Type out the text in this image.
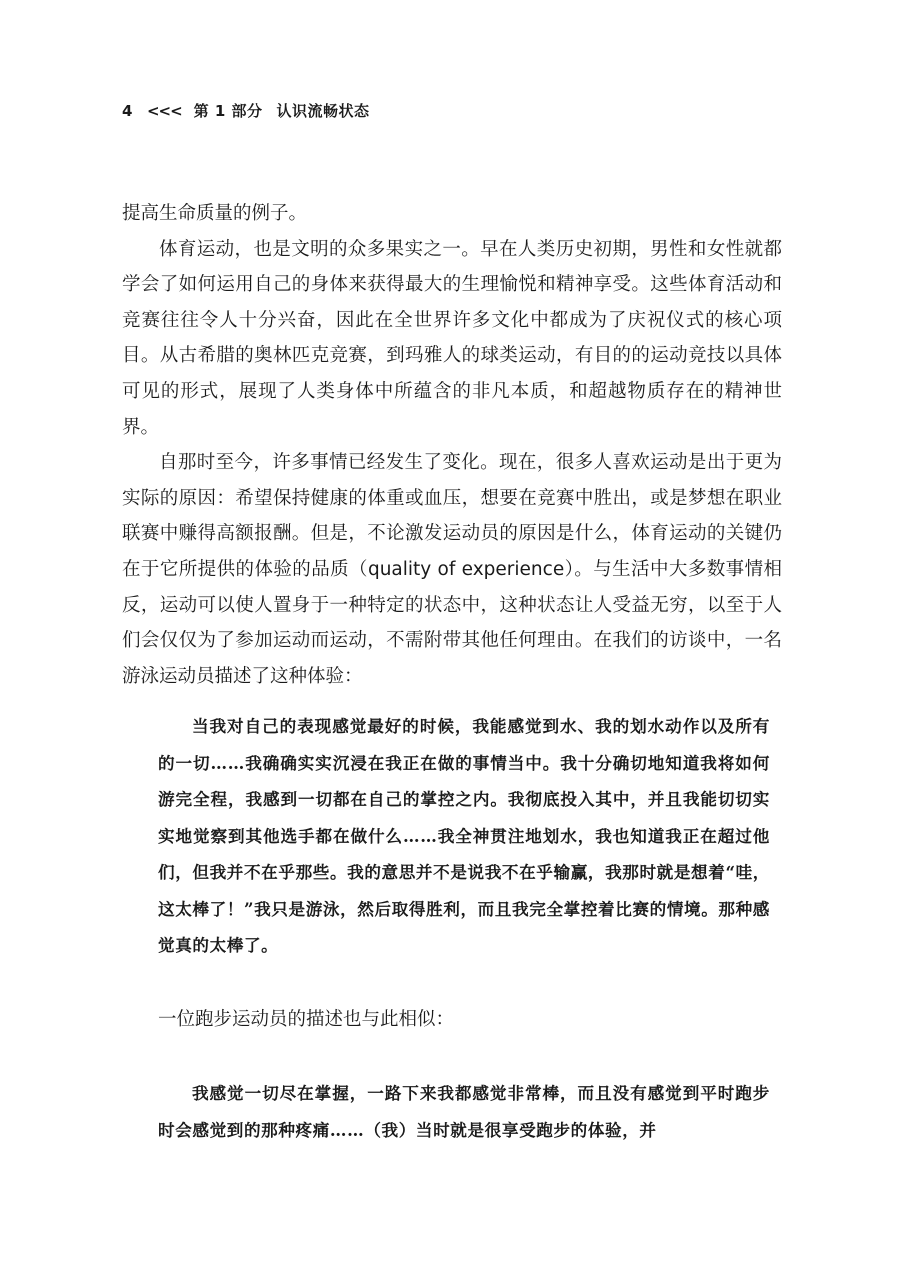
4 <<< 第 1 部分 认识流畅状态

提高生命质量的例子。

体育运动，也是文明的众多果实之一。早在人类历史初期，男性和女性就都学会了如何运用自己的身体来获得最大的生理愉悦和精神享受。这些体育活动和竞赛往往令人十分兴奋，因此在全世界许多文化中都成为了庆祝仪式的核心项目。从古希腊的奥林匹克竞赛，到玛雅人的球类运动，有目的的运动竞技以具体可见的形式，展现了人类身体中所蕴含的非凡本质，和超越物质存在的精神世界。

自那时至今，许多事情已经发生了变化。现在，很多人喜欢运动是出于更为实际的原因：希望保持健康的体重或血压，想要在竞赛中胜出，或是梦想在职业联赛中赚得高额报酬。但是，不论激发运动员的原因是什么，体育运动的关键仍在于它所提供的体验的品质（quality of experience）。与生活中大多数事情相反，运动可以使人置身于一种特定的状态中，这种状态让人受益无穷，以至于人们会仅仅为了参加运动而运动，不需附带其他任何理由。在我们的访谈中，一名游泳运动员描述了这种体验：

当我对自己的表现感觉最好的时候，我能感觉到水、我的划水动作以及所有的一切……我确确实实沉浸在我正在做的事情当中。我十分确切地知道我将如何游完全程，我感到一切都在自己的掌控之内。我彻底投入其中，并且我能切切实实地觉察到其他选手都在做什么……我全神贯注地划水，我也知道我正在超过他们，但我并不在乎那些。我的意思并不是说我不在乎输赢，我那时就是想着“哇，这太棒了！”我只是游泳，然后取得胜利，而且我完全掌控着比赛的情境。那种感觉真的太棒了。

一位跑步运动员的描述也与此相似：

我感觉一切尽在掌握，一路下来我都感觉非常棒，而且没有感觉到平时跑步时会感觉到的那种疼痛……（我）当时就是很享受跑步的体验，并
